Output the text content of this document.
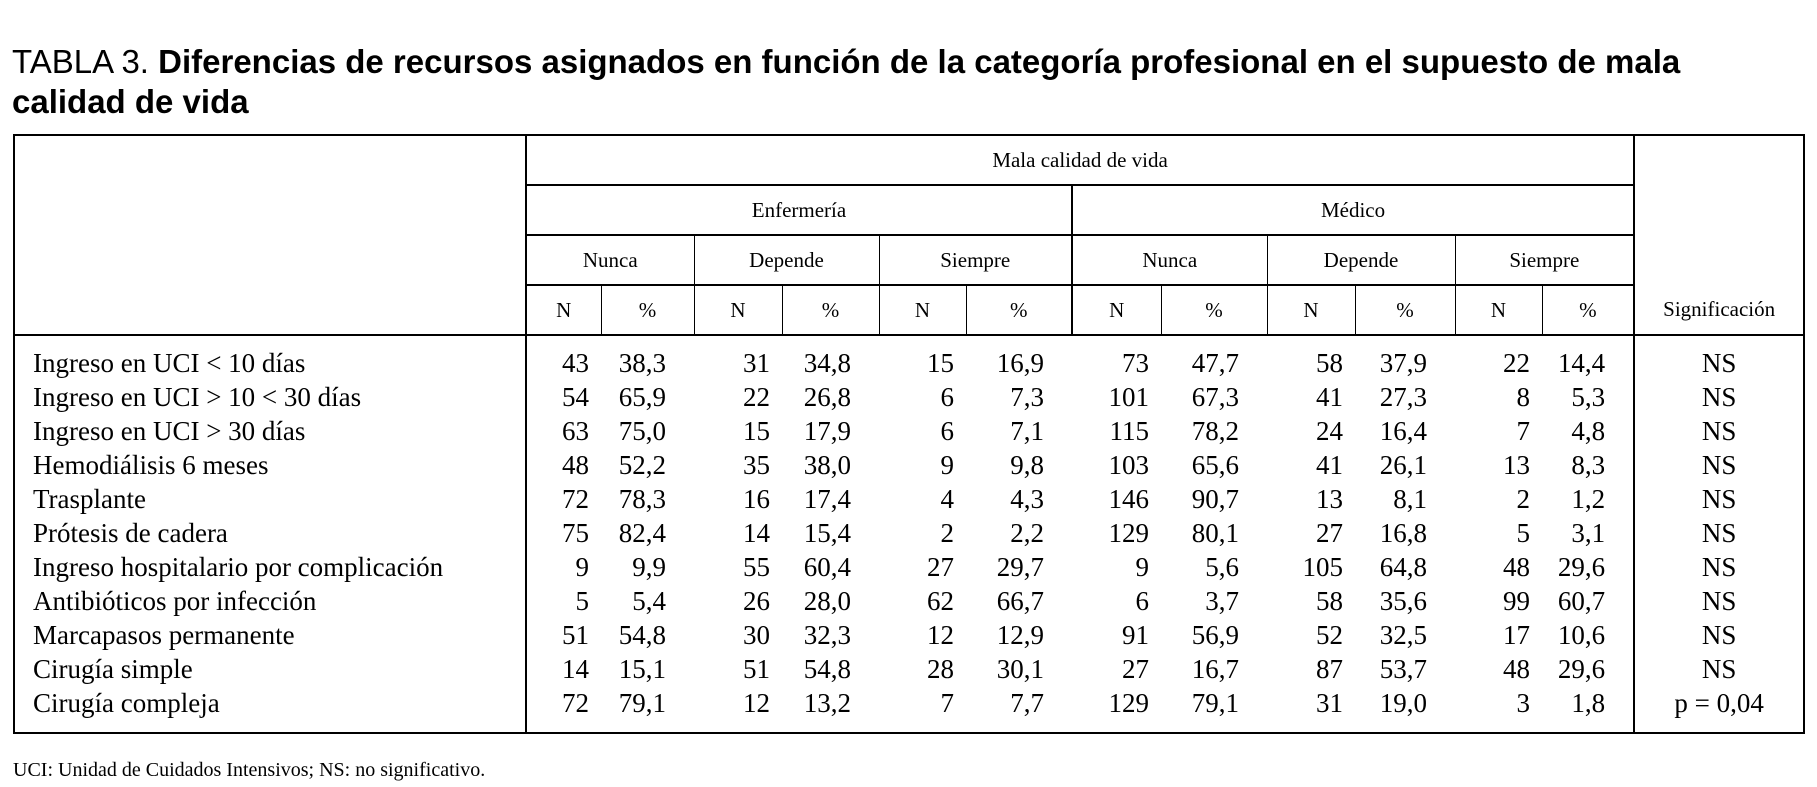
TABLA 3. Diferencias de recursos asignados en función de la categoría profesional en el supuesto de mala calidad de vida
	Mala calidad de vida												Significación
	Enfermería						Médico						
	Nunca		Depende		Siempre		Nunca		Depende		Siempre		
	N	%	N	%	N	%	N	%	N	%	N	%	
Ingreso en UCI < 10 días	43	38,3	31	34,8	15	16,9	73	47,7	58	37,9	22	14,4	NS
Ingreso en UCI > 10 < 30 días	54	65,9	22	26,8	6	7,3	101	67,3	41	27,3	8	5,3	NS
Ingreso en UCI > 30 días	63	75,0	15	17,9	6	7,1	115	78,2	24	16,4	7	4,8	NS
Hemodiálisis 6 meses	48	52,2	35	38,0	9	9,8	103	65,6	41	26,1	13	8,3	NS
Trasplante	72	78,3	16	17,4	4	4,3	146	90,7	13	8,1	2	1,2	NS
Prótesis de cadera	75	82,4	14	15,4	2	2,2	129	80,1	27	16,8	5	3,1	NS
Ingreso hospitalario por complicación	9	9,9	55	60,4	27	29,7	9	5,6	105	64,8	48	29,6	NS
Antibióticos por infección	5	5,4	26	28,0	62	66,7	6	3,7	58	35,6	99	60,7	NS
Marcapasos permanente	51	54,8	30	32,3	12	12,9	91	56,9	52	32,5	17	10,6	NS
Cirugía simple	14	15,1	51	54,8	28	30,1	27	16,7	87	53,7	48	29,6	NS
Cirugía compleja	72	79,1	12	13,2	7	7,7	129	79,1	31	19,0	3	1,8	p = 0,04
UCI: Unidad de Cuidados Intensivos; NS: no significativo.
